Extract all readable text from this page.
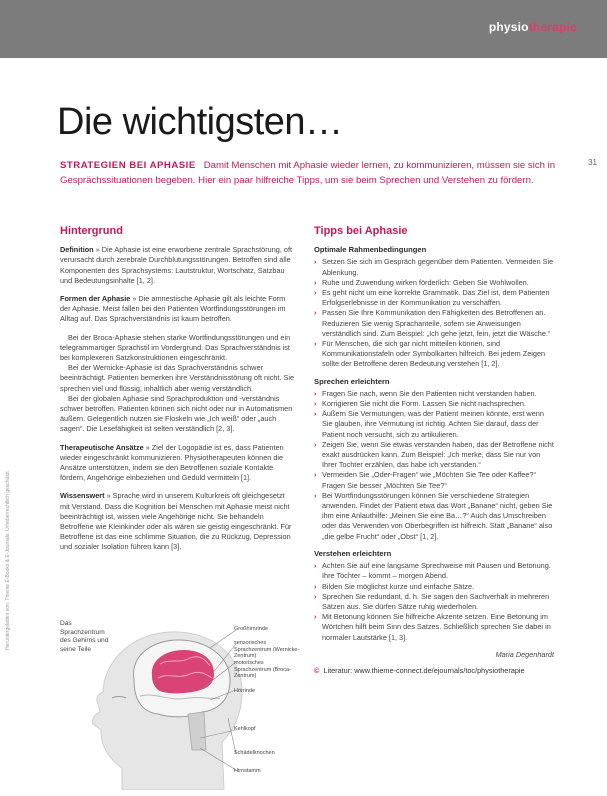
physiotherapie
31
Die wichtigsten…

STRATEGIEN BEI APHASIE Damit Menschen mit Aphasie wieder lernen, zu kommunizieren, müssen sie sich in Gesprächssituationen begeben. Hier ein paar hilfreiche Tipps, um sie beim Sprechen und Verstehen zu fördern.

Hintergrund

Definition » Die Aphasie ist eine erworbene zentrale Sprachstörung, oft verursacht durch zerebrale Durchblutungsstörungen. Betroffen sind alle Komponenten des Sprachsystems: Lautstruktur, Wortschatz, Satzbau und Bedeutungsinhalte [1, 2].

Formen der Aphasie » Die amnestische Aphasie gilt als leichte Form der Aphasie. Meist fallen bei den Patienten Wortfindungsstörungen im Alltag auf. Das Sprachverständnis ist kaum betroffen.

Bei der Broca-Aphasie stehen starke Wortfindungsstörungen und ein telegrammartiger Sprachstil im Vordergrund. Das Sprachverständnis ist bei komplexeren Satzkonstruktionen eingeschränkt.

Bei der Wernicke-Aphasie ist das Sprachverständnis schwer beeinträchtigt. Patienten bemerken ihre Verständnisstörung oft nicht. Sie sprechen viel und flüssig, inhaltlich aber wenig verständlich.

Bei der globalen Aphasie sind Sprachproduktion und -verständnis schwer betroffen. Patienten können sich nicht oder nur in Automatismen äußern. Gelegentlich nutzen sie Floskeln wie „Ich weiß“ oder „auch sagen“. Die Lesefähigkeit ist selten verständlich [2, 3].

Therapeutische Ansätze » Ziel der Logopädie ist es, dass Patienten wieder eingeschränkt kommunizieren. Physiotherapeuten können die Ansätze unterstützen, indem sie den Betroffenen soziale Kontakte fördern, Angehörige einbeziehen und Geduld vermitteln [1].

Wissenswert » Sprache wird in unserem Kulturkreis oft gleichgesetzt mit Verstand. Dass die Kognition bei Menschen mit Aphasie meist nicht beeinträchtigt ist, wissen viele Angehörige nicht. Sie behandeln Betroffene wie Kleinkinder oder als wären sie geistig eingeschränkt. Für Betroffene ist das eine schlimme Situation, die zu Rückzug, Depression und sozialer Isolation führen kann [3].

Das Sprachzentrum des Gehirns und seine Teile
Großhirnrinde
sensorisches Sprachzentrum (Wernicke-Zentrum)
motorisches Sprachzentrum (Broca-Zentrum)
Hörrinde
Kehlkopf
Schädelknochen
Hirnstamm
Tipps bei Aphasie
Optimale Rahmenbedingungen
› Setzen Sie sich im Gespräch gegenüber dem Patienten. Vermeiden Sie Ablenkung.
› Ruhe und Zuwendung wirken förderlich: Geben Sie Wohlwollen.
› Es geht nicht um eine korrekte Grammatik. Das Ziel ist, dem Patienten Erfolgserlebnisse in der Kommunikation zu verschaffen.
› Passen Sie Ihre Kommunikation den Fähigkeiten des Betroffenen an. Reduzieren Sie wenig Sprachanteile, sofern sie Anweisungen verständlich sind. Zum Beispiel: „Ich gehe jetzt, fein, jetzt die Wäsche.“
› Für Menschen, die sich gar nicht mitteilen können, sind Kommunikationstafeln oder Symbolkarten hilfreich. Bei jedem Zeigen sollte der Betroffene deren Bedeutung verstehen [1, 2].
Sprechen erleichtern
› Fragen Sie nach, wenn Sie den Patienten nicht verstanden haben.
› Korrigieren Sie nicht die Form. Lassen Sie nicht nachsprechen.
› Äußern Sie Vermutungen, was der Patient meinen könnte, erst wenn Sie glauben, ihre Vermutung ist richtig. Achten Sie darauf, dass der Patient noch versucht, sich zu artikulieren.
› Zeigen Sie, wenn Sie etwas verstanden haben, das der Betroffene nicht exakt ausdrücken kann. Zum Beispiel: „Ich merke, dass Sie nur von Ihrer Tochter erzählen, das habe ich verstanden.“
› Vermeiden Sie „Oder-Fragen“ wie „Möchten Sie Tee oder Kaffee?“ Fragen Sie besser „Möchten Sie Tee?“
› Bei Wortfindungsstörungen können Sie verschiedene Strategien anwenden. Findet der Patient etwa das Wort „Banane“ nicht, geben Sie ihm eine Anlauthilfe: „Meinen Sie eine Ba…?“ Auch das Umschreiben oder das Verwenden von Oberbegriffen ist hilfreich. Statt „Banane“ also „die gelbe Frucht“ oder „Obst“ [1, 2].
Verstehen erleichtern
› Achten Sie auf eine langsame Sprechweise mit Pausen und Betonung. Ihre Tochter – kommt – morgen Abend.
› Bilden Sie möglichst kurze und einfache Sätze.
› Sprechen Sie redundant, d. h. Sie sagen den Sachverhalt in mehreren Sätzen aus. Sie dürfen Sätze ruhig wiederholen.
› Mit Betonung können Sie hilfreiche Akzente setzen. Eine Betonung im Wörtchen hilft beim Sinn des Satzes. Schließlich sprechen Sie dabei in normaler Lautstärke [1, 3].

Maria Degenhardt

© Literatur: www.thieme-connect.de/ejournals/toc/physiotherapie

Heruntergeladen von: Thieme E-Books & E-Journals. Urheberrechtlich geschützt.
